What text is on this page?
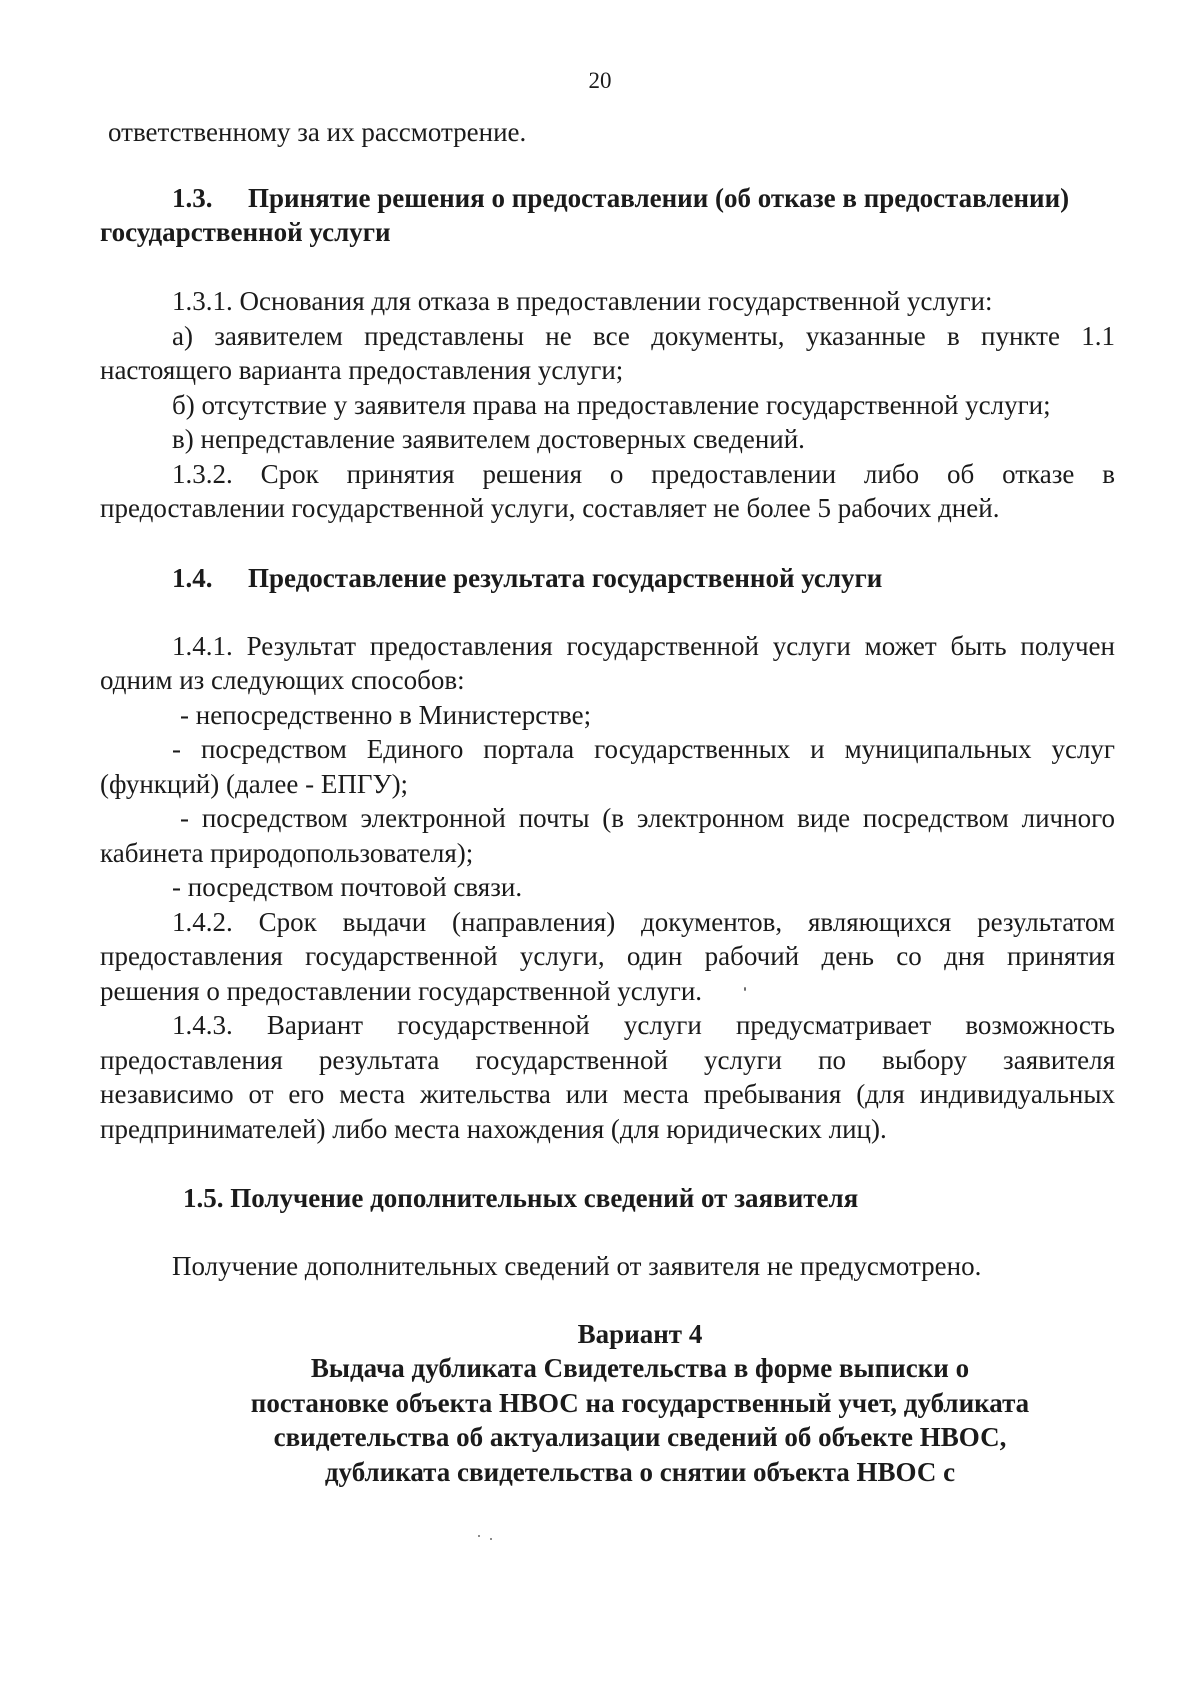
20
ответственному за их рассмотрение.
1.3. Принятие решения о предоставлении (об отказе в предоставлении)
государственной услуги
1.3.1. Основания для отказа в предоставлении государственной услуги:
а) заявителем представлены не все документы, указанные в пункте 1.1
настоящего варианта предоставления услуги;
б) отсутствие у заявителя права на предоставление государственной услуги;
в) непредставление заявителем достоверных сведений.
1.3.2. Срок принятия решения о предоставлении либо об отказе в
предоставлении государственной услуги, составляет не более 5 рабочих дней.
1.4. Предоставление результата государственной услуги
1.4.1. Результат предоставления государственной услуги может быть получен
одним из следующих способов:
- непосредственно в Министерстве;
- посредством Единого портала государственных и муниципальных услуг
(функций) (далее - ЕПГУ);
- посредством электронной почты (в электронном виде посредством личного
кабинета природопользователя);
- посредством почтовой связи.
1.4.2. Срок выдачи (направления) документов, являющихся результатом
предоставления государственной услуги, один рабочий день со дня принятия
решения о предоставлении государственной услуги.
1.4.3. Вариант государственной услуги предусматривает возможность
предоставления результата государственной услуги по выбору заявителя
независимо от его места жительства или места пребывания (для индивидуальных
предпринимателей) либо места нахождения (для юридических лиц).
1.5. Получение дополнительных сведений от заявителя
Получение дополнительных сведений от заявителя не предусмотрено.
Вариант 4
Выдача дубликата Свидетельства в форме выписки о
постановке объекта НВОС на государственный учет, дубликата
свидетельства об актуализации сведений об объекте НВОС,
дубликата свидетельства о снятии объекта НВОС с
